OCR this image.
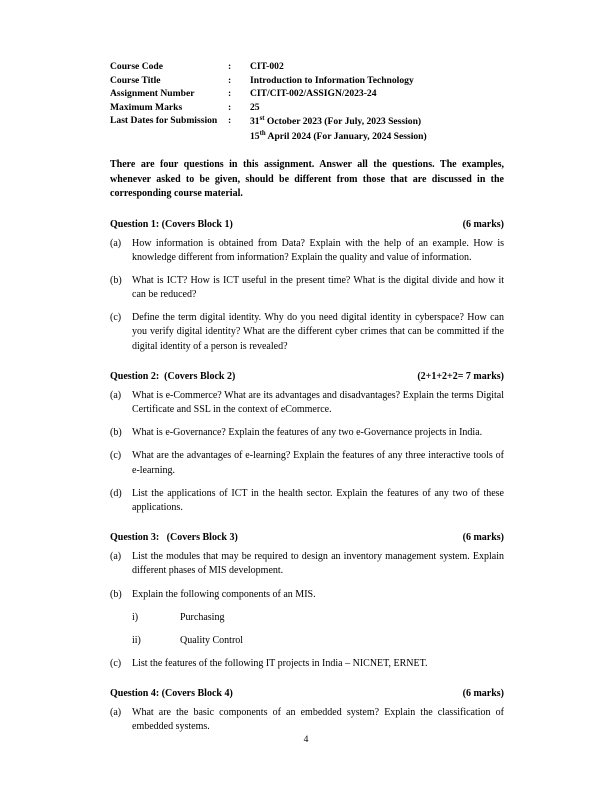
Course Code	:	CIT-002
Course Title	:	Introduction to Information Technology
Assignment Number	:	CIT/CIT-002/ASSIGN/2023-24
Maximum Marks	:	25
Last Dates for Submission	:	31st October 2023 (For July, 2023 Session)
		15th April 2024 (For January, 2024 Session)
There are four questions in this assignment. Answer all the questions. The examples, whenever asked to be given, should be different from those that are discussed in the corresponding course material.
Question 1: (Covers Block 1)	(6 marks)
(a)	How information is obtained from Data? Explain with the help of an example. How is knowledge different from information? Explain the quality and value of information.
(b)	What is ICT? How is ICT useful in the present time? What is the digital divide and how it can be reduced?
(c)	Define the term digital identity. Why do you need digital identity in cyberspace? How can you verify digital identity? What are the different cyber crimes that can be committed if the digital identity of a person is revealed?
Question 2:  (Covers Block 2)	(2+1+2+2= 7 marks)
(a)	What is e-Commerce? What are its advantages and disadvantages? Explain the terms Digital Certificate and SSL in the context of eCommerce.
(b)	What is e-Governance? Explain the features of any two e-Governance projects in India.
(c)	What are the advantages of e-learning? Explain the features of any three interactive tools of e-learning.
(d)	List the applications of ICT in the health sector. Explain the features of any two of these applications.
Question 3:   (Covers Block 3)	(6 marks)
(a)	List the modules that may be required to design an inventory management system. Explain different phases of MIS development.
(b)	Explain the following components of an MIS.
i)	Purchasing
ii)	Quality Control
(c)	List the features of the following IT projects in India – NICNET, ERNET.
Question 4: (Covers Block 4)	(6 marks)
(a)	What are the basic components of an embedded system? Explain the classification of embedded systems.
4
